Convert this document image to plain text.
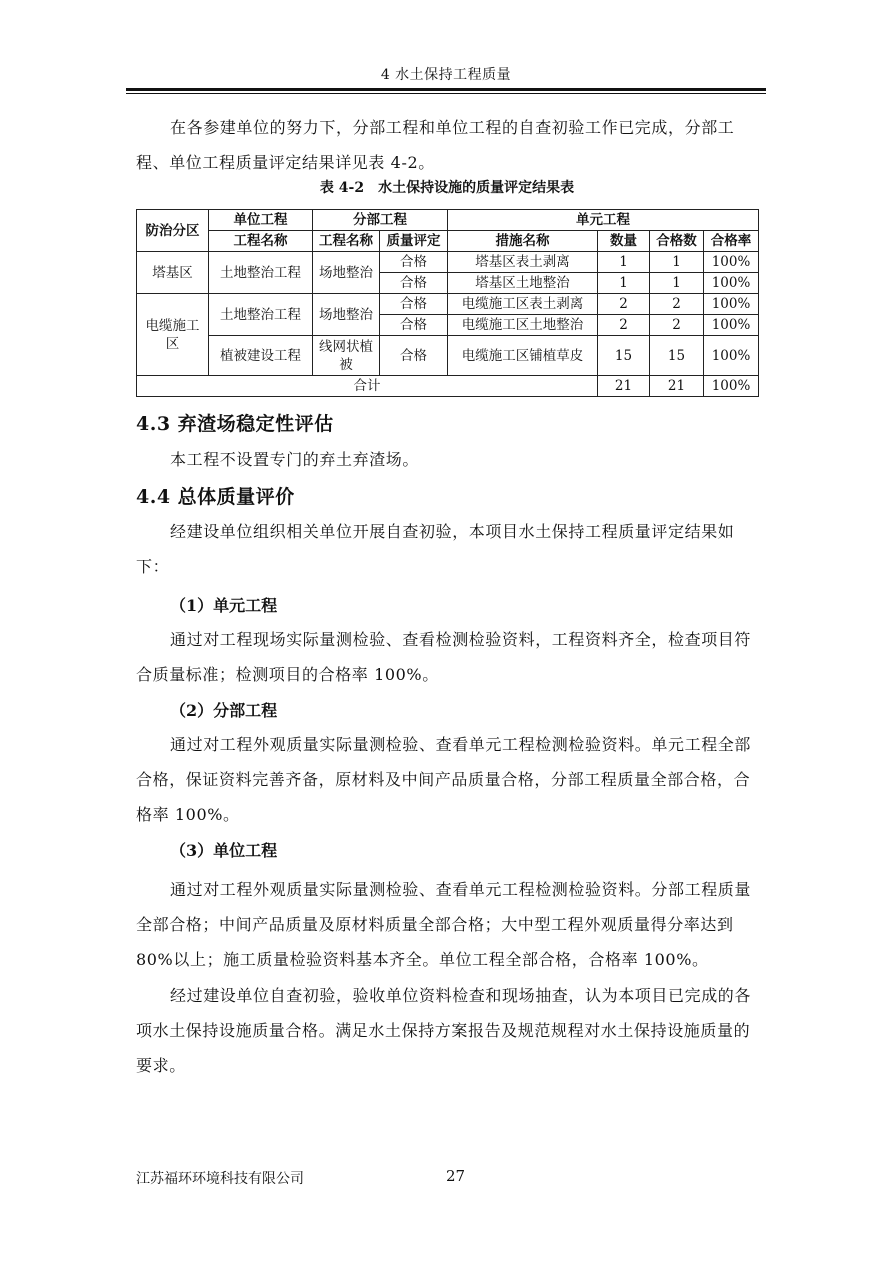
4 水土保持工程质量

在各参建单位的努力下，分部工程和单位工程的自查初验工作已完成，分部工程、单位工程质量评定结果详见表 4-2。

表 4-2 水土保持设施的质量评定结果表
防治分区	单位工程	分部工程		单元工程			
	工程名称	工程名称	质量评定	措施名称	数量	合格数	合格率
塔基区	土地整治工程	场地整治	合格	塔基区表土剥离	1	1	100%
			合格	塔基区土地整治	1	1	100%
电缆施工区	土地整治工程	场地整治	合格	电缆施工区表土剥离	2	2	100%
			合格	电缆施工区土地整治	2	2	100%
	植被建设工程	线网状植被	合格	电缆施工区铺植草皮	15	15	100%
合计					21	21	100%
4.3 弃渣场稳定性评估

本工程不设置专门的弃土弃渣场。

4.4 总体质量评价

经建设单位组织相关单位开展自查初验，本项目水土保持工程质量评定结果如下：

（1）单元工程

通过对工程现场实际量测检验、查看检测检验资料，工程资料齐全，检查项目符合质量标准；检测项目的合格率 100%。

（2）分部工程

通过对工程外观质量实际量测检验、查看单元工程检测检验资料。单元工程全部合格，保证资料完善齐备，原材料及中间产品质量合格，分部工程质量全部合格，合格率 100%。

（3）单位工程

通过对工程外观质量实际量测检验、查看单元工程检测检验资料。分部工程质量全部合格；中间产品质量及原材料质量全部合格；大中型工程外观质量得分率达到 80%以上；施工质量检验资料基本齐全。单位工程全部合格，合格率 100%。

经过建设单位自查初验，验收单位资料检查和现场抽查，认为本项目已完成的各项水土保持设施质量合格。满足水土保持方案报告及规范规程对水土保持设施质量的要求。

江苏福环环境科技有限公司	27
